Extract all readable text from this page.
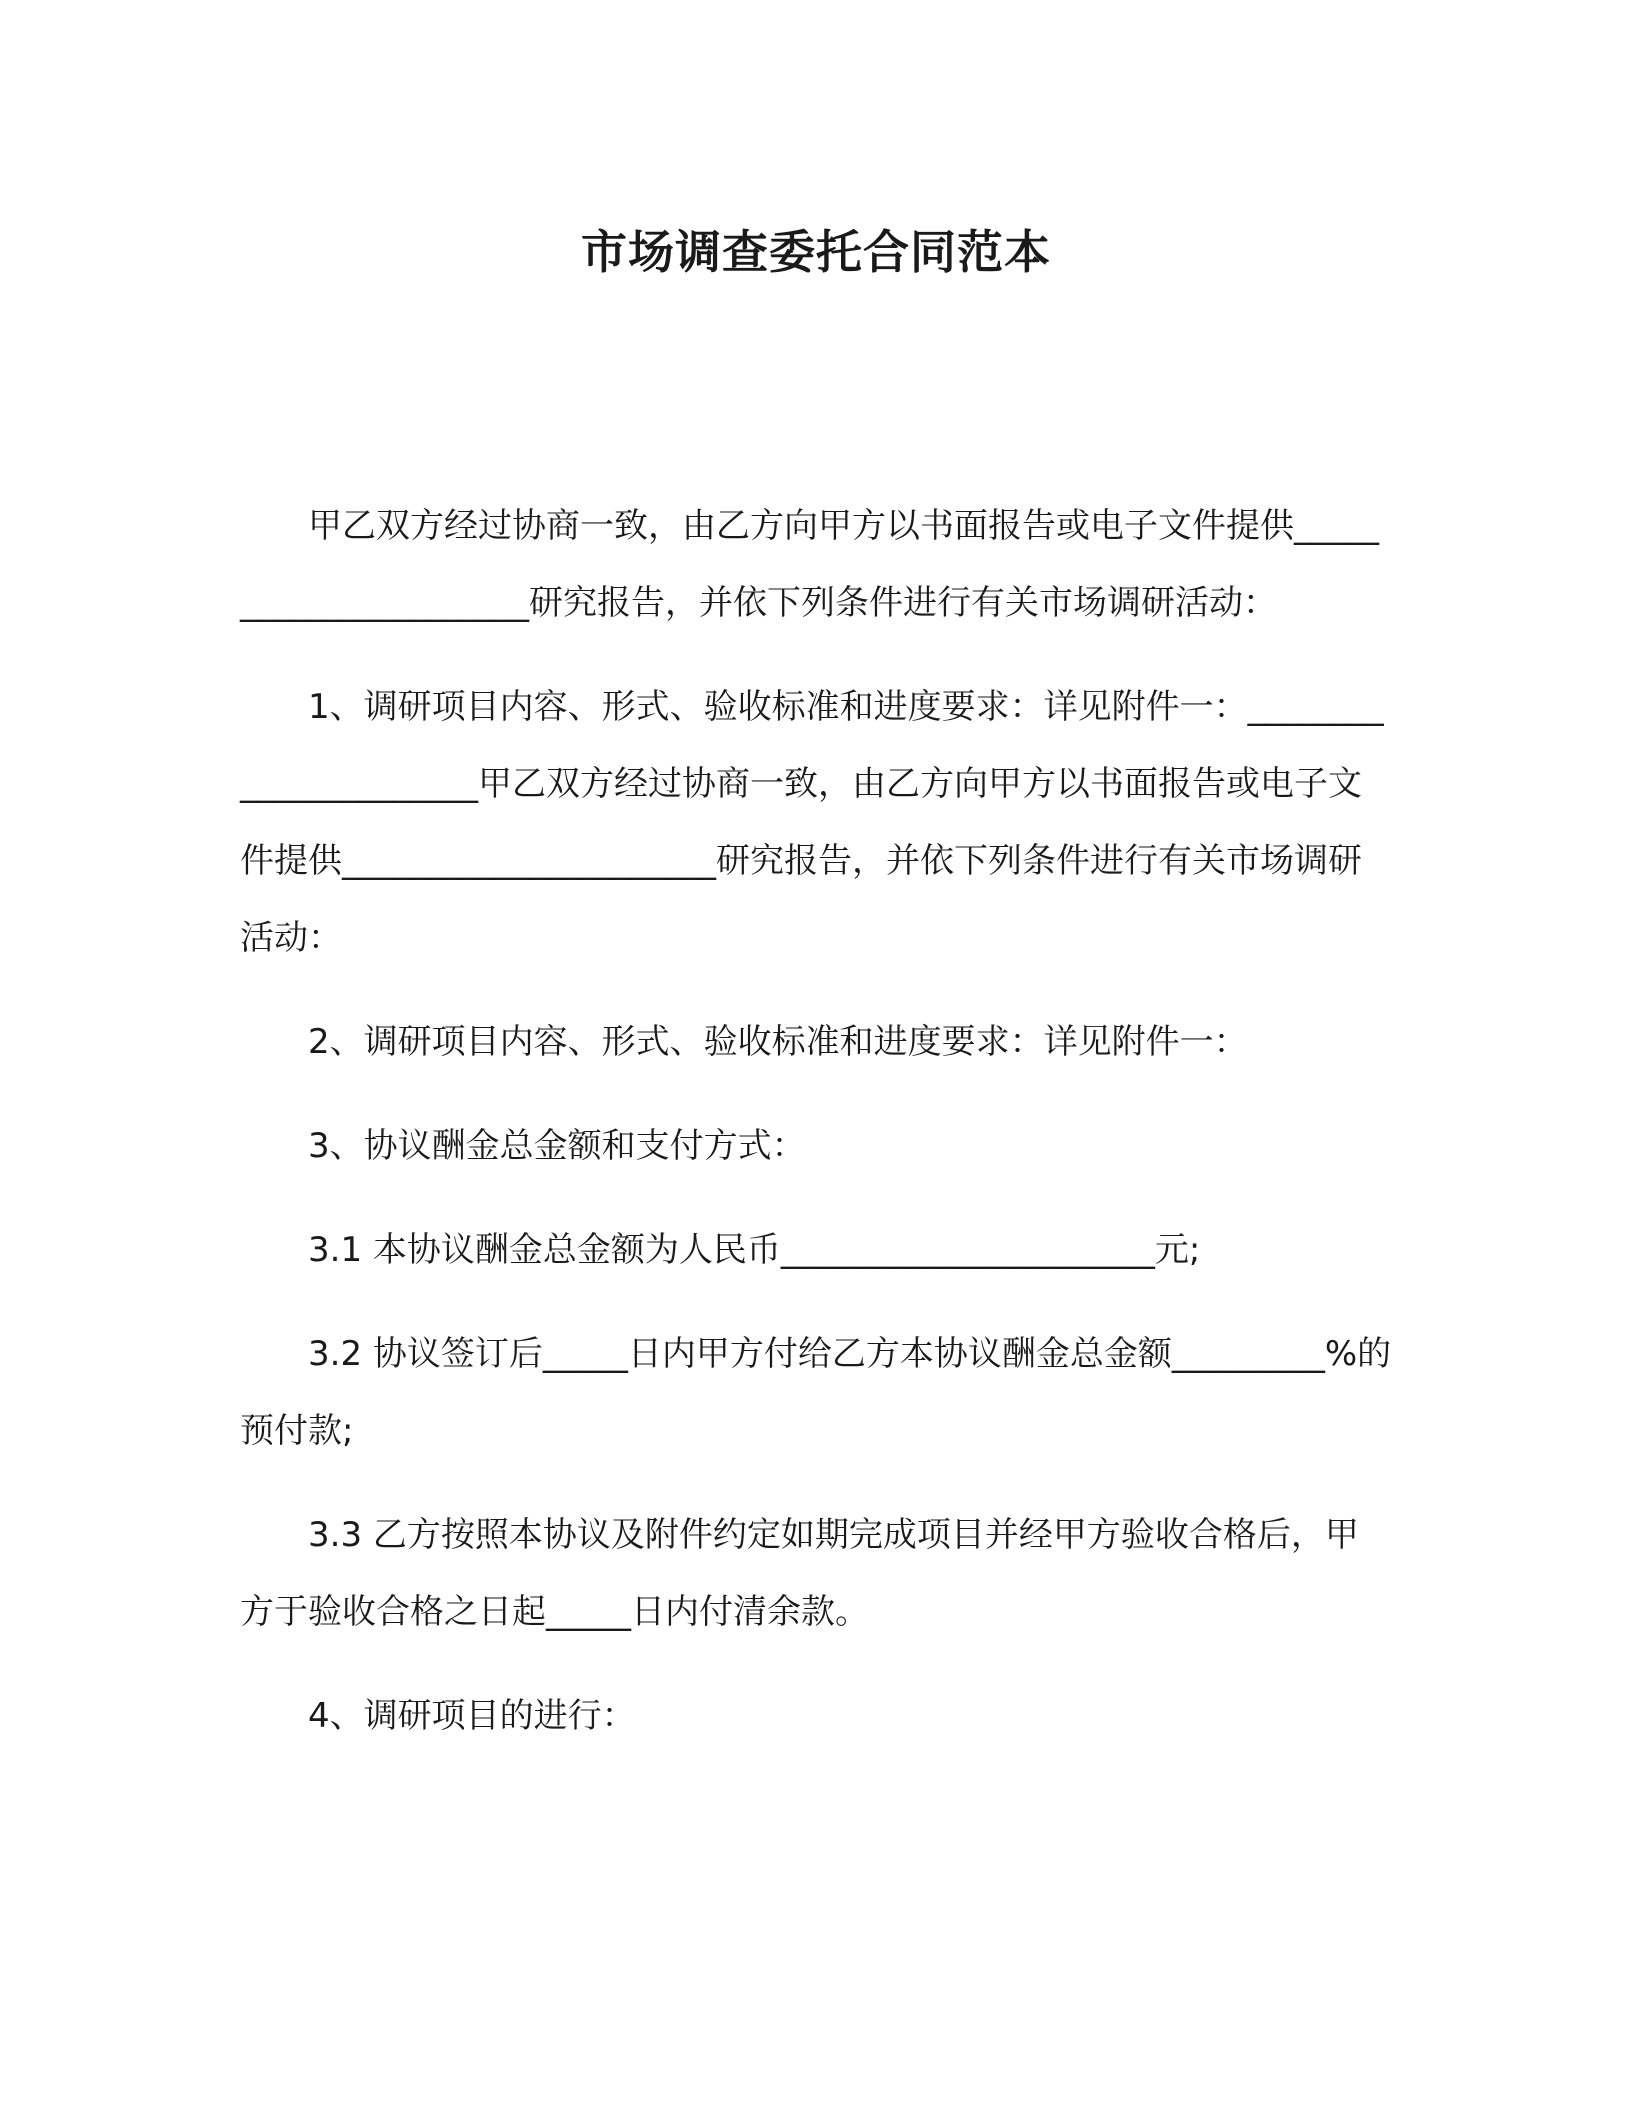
市场调查委托合同范本

甲乙双方经过协商一致，由乙方向甲方以书面报告或电子文件提供______________________研究报告，并依下列条件进行有关市场调研活动：

1、调研项目内容、形式、验收标准和进度要求：详见附件一：______________________甲乙双方经过协商一致，由乙方向甲方以书面报告或电子文件提供______________________研究报告，并依下列条件进行有关市场调研活动：

2、调研项目内容、形式、验收标准和进度要求：详见附件一：

3、协议酬金总金额和支付方式：

3.1 本协议酬金总金额为人民币______________________元;

3.2 协议签订后_____日内甲方付给乙方本协议酬金总金额_________%的预付款;

3.3 乙方按照本协议及附件约定如期完成项目并经甲方验收合格后，甲方于验收合格之日起_____日内付清余款。

4、调研项目的进行：
